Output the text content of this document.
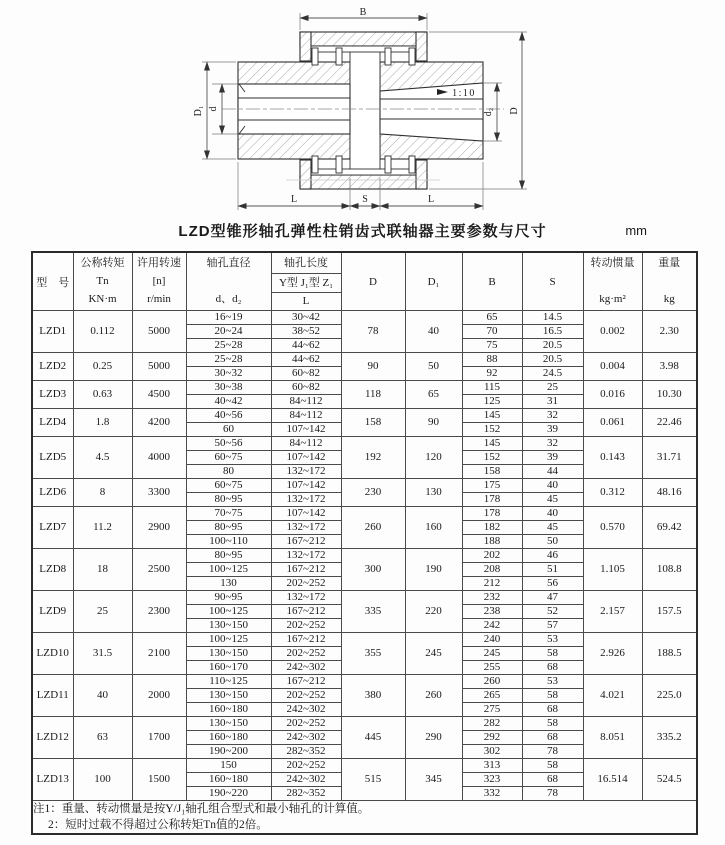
1:10
B
D
D₁ d	d₂
L	S	L
LZD型锥形轴孔弹性柱销齿式联轴器主要参数与尺寸	mm
型　号	
公称转矩
Tn
KN·m

许用转速
[n]
r/min

轴孔直径
d、d₂

轴孔长度
Y型 J₁型 Z₁
L
	D	D₁	B	S	
转动惯量
kg·m²

重量
kg

LZD1	0.112	5000	16~19	30~42	78	40	65	14.5	0.002	2.30
			20~24	38~52			70	16.5		
			25~28	44~62			75	20.5		
LZD2	0.25	5000	25~28	44~62	90	50	88	20.5	0.004	3.98
			30~32	60~82			92	24.5		
LZD3	0.63	4500	30~38	60~82	118	65	115	25	0.016	10.30
			40~42	84~112			125	31		
LZD4	1.8	4200	40~56	84~112	158	90	145	32	0.061	22.46
			60	107~142			152	39		
LZD5	4.5	4000	50~56	84~112	192	120	145	32	0.143	31.71
			60~75	107~142			152	39		
			80	132~172			158	44		
LZD6	8	3300	60~75	107~142	230	130	175	40	0.312	48.16
			80~95	132~172			178	45		
LZD7	11.2	2900	70~75	107~142	260	160	178	40	0.570	69.42
			80~95	132~172			182	45		
			100~110	167~212			188	50		
LZD8	18	2500	80~95	132~172	300	190	202	46	1.105	108.8
			100~125	167~212			208	51		
			130	202~252			212	56		
LZD9	25	2300	90~95	132~172	335	220	232	47	2.157	157.5
			100~125	167~212			238	52		
			130~150	202~252			242	57		
LZD10	31.5	2100	100~125	167~212	355	245	240	53	2.926	188.5
			130~150	202~252			245	58		
			160~170	242~302			255	68		
LZD11	40	2000	110~125	167~212	380	260	260	53	4.021	225.0
			130~150	202~252			265	58		
			160~180	242~302			275	68		
LZD12	63	1700	130~150	202~252	445	290	282	58	8.051	335.2
			160~180	242~302			292	68		
			190~200	282~352			302	78		
LZD13	100	1500	150	202~252	515	345	313	58	16.514	524.5
			160~180	242~302			323	68		
			190~220	282~352			332	78		

注1：重量、转动惯量是按Y/J₁轴孔组合型式和最小轴孔的计算值。
2：短时过载不得超过公称转矩Tn值的2倍。										
